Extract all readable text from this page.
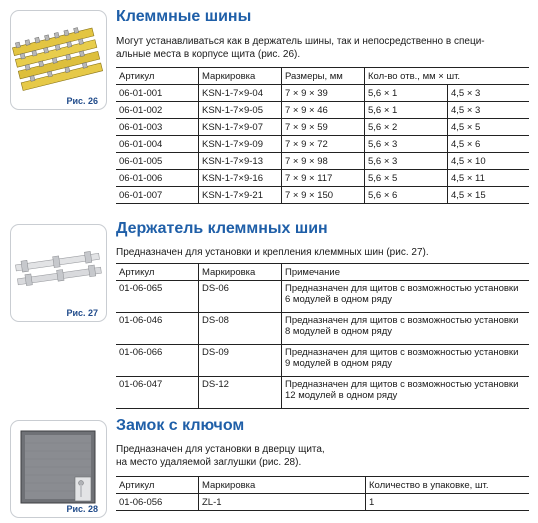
Рис. 26
Клеммные шины
Могут устанавливаться как в держатель шины, так и непосредственно в специ-
альные места в корпусе щита (рис. 26).
Артикул	Маркировка	Размеры, мм	Кол-во отв., мм × шт.	
06-01-001	KSN-1-7×9-04	7 × 9 × 39	5,6 × 1	4,5 × 3
06-01-002	KSN-1-7×9-05	7 × 9 × 46	5,6 × 1	4,5 × 3
06-01-003	KSN-1-7×9-07	7 × 9 × 59	5,6 × 2	4,5 × 5
06-01-004	KSN-1-7×9-09	7 × 9 × 72	5,6 × 3	4,5 × 6
06-01-005	KSN-1-7×9-13	7 × 9 × 98	5,6 × 3	4,5 × 10
06-01-006	KSN-1-7×9-16	7 × 9 × 117	5,6 × 5	4,5 × 11
06-01-007	KSN-1-7×9-21	7 × 9 × 150	5,6 × 6	4,5 × 15
Рис. 27
Держатель клеммных шин
Предназначен для установки и крепления клеммных шин (рис. 27).
Артикул	Маркировка	Примечание
01-06-065	DS-06	Предназначен для щитов с возможностью установки
6 модулей в одном ряду

01-06-046	DS-08	Предназначен для щитов с возможностью установки
8 модулей в одном ряду

01-06-066	DS-09	Предназначен для щитов с возможностью установки
9 модулей в одном ряду

01-06-047	DS-12	Предназначен для щитов с возможностью установки
12 модулей в одном ряду
Рис. 28
Замок с ключом
Предназначен для установки в дверцу щита,
на место удаляемой заглушки (рис. 28).
Артикул	Маркировка	Количество в упаковке, шт.
01-06-056	ZL-1	1
